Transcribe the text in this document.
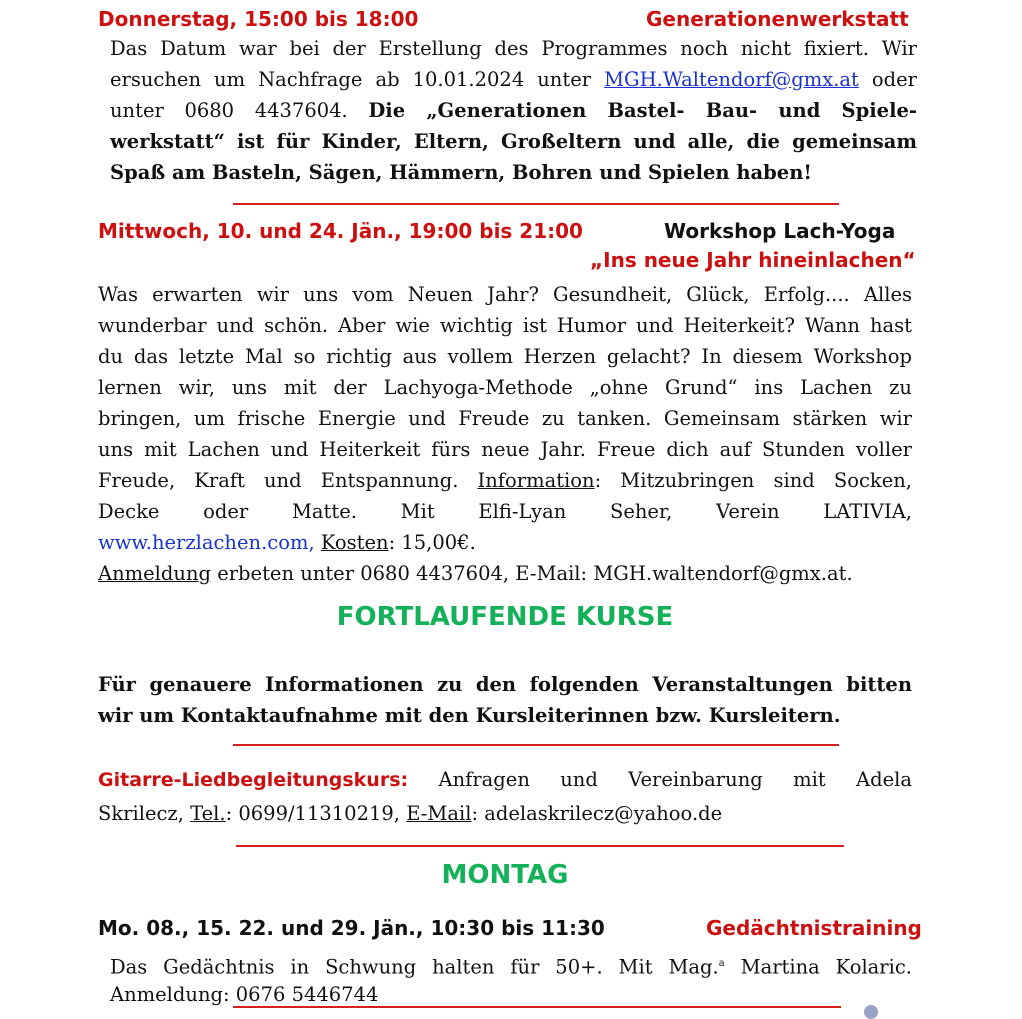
Donnerstag, 15:00 bis 18:00	Generationenwerkstatt
Das Datum war bei der Erstellung des Programmes noch nicht fixiert. Wir
ersuchen um Nachfrage ab 10.01.2024 unter MGH.Waltendorf@gmx.at oder
unter 0680 4437604. Die „Generationen Bastel- Bau- und Spiele-
werkstatt“ ist für Kinder, Eltern, Großeltern und alle, die gemeinsam
Spaß am Basteln, Sägen, Hämmern, Bohren und Spielen haben!
Mittwoch, 10. und 24. Jän., 19:00 bis 21:00	Workshop Lach-Yoga
„Ins neue Jahr hineinlachen“
Was erwarten wir uns vom Neuen Jahr? Gesundheit, Glück, Erfolg.... Alles
wunderbar und schön. Aber wie wichtig ist Humor und Heiterkeit? Wann hast
du das letzte Mal so richtig aus vollem Herzen gelacht? In diesem Workshop
lernen wir, uns mit der Lachyoga-Methode „ohne Grund“ ins Lachen zu
bringen, um frische Energie und Freude zu tanken. Gemeinsam stärken wir
uns mit Lachen und Heiterkeit fürs neue Jahr. Freue dich auf Stunden voller
Freude, Kraft und Entspannung. Information: Mitzubringen sind Socken,
Decke oder Matte. Mit Elfi-Lyan Seher, Verein LATIVIA,
www.herzlachen.com, Kosten: 15,00€.
Anmeldung erbeten unter 0680 4437604, E-Mail: MGH.waltendorf@gmx.at.
FORTLAUFENDE KURSE
Für genauere Informationen zu den folgenden Veranstaltungen bitten
wir um Kontaktaufnahme mit den Kursleiterinnen bzw. Kursleitern.
Gitarre-Liedbegleitungskurs: Anfragen und Vereinbarung mit Adela
Skrilecz, Tel.: 0699/11310219, E-Mail: adelaskrilecz@yahoo.de
MONTAG
Mo. 08., 15. 22. und 29. Jän., 10:30 bis 11:30	Gedächtnistraining
Das Gedächtnis in Schwung halten für 50+. Mit Mag.$^a$ Martina Kolaric.
Anmeldung: 0676 5446744
